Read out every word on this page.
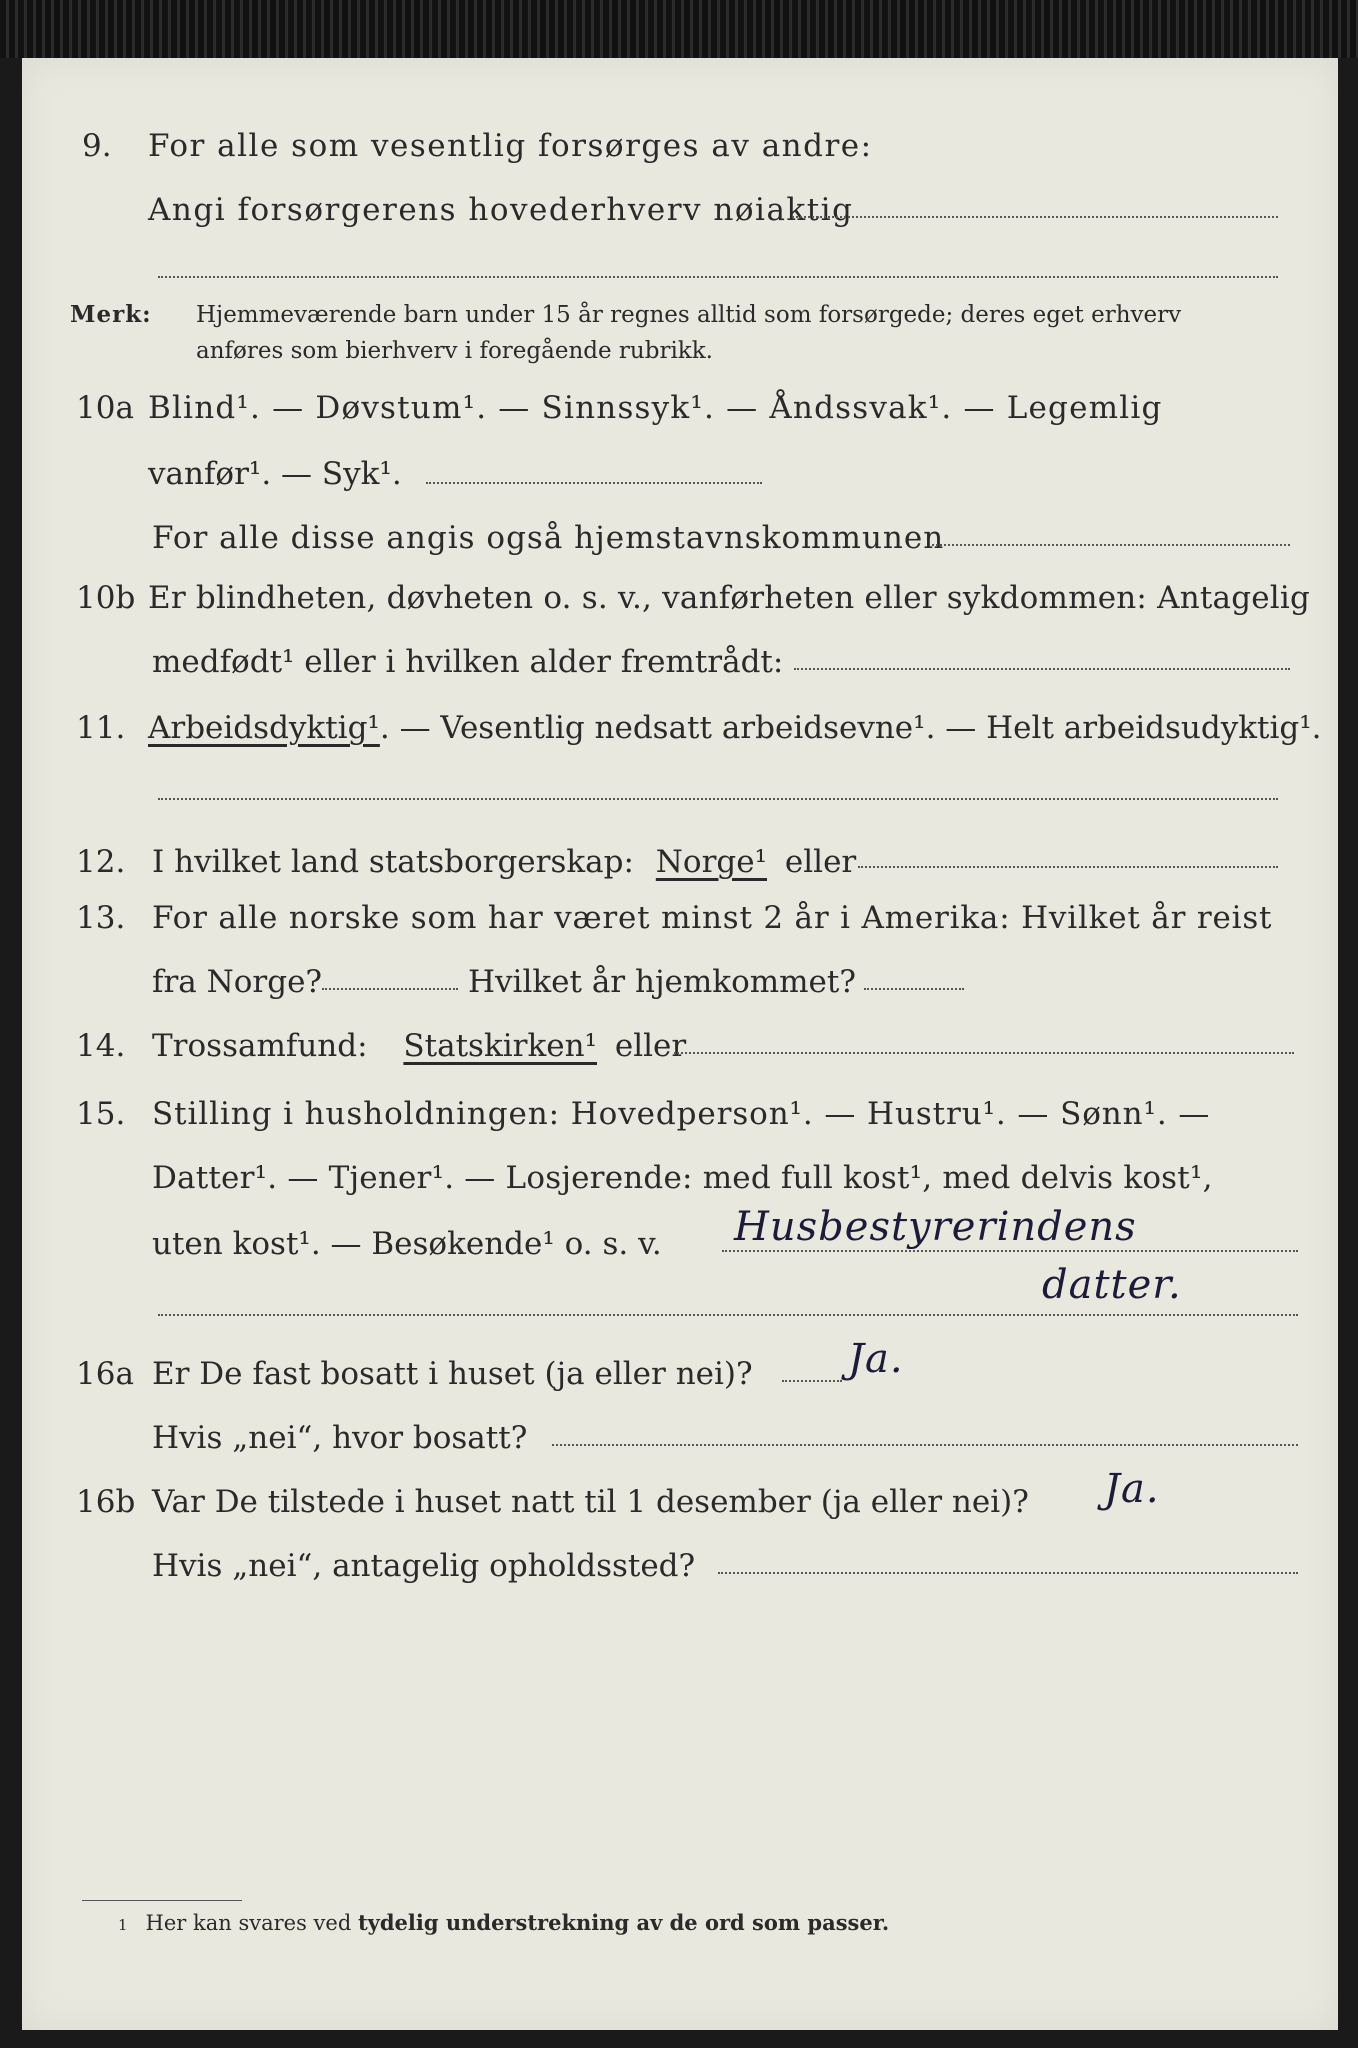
9. For alle som vesentlig forsørges av andre:
Angi forsørgerens hovederhverv nøiaktig
Merk: Hjemmeværende barn under 15 år regnes alltid som forsørgede; deres eget erhverv
anføres som bierhverv i foregående rubrikk.
10a Blind¹. — Døvstum¹. — Sinnssyk¹. — Åndssvak¹. — Legemlig
vanfør¹. — Syk¹.
For alle disse angis også hjemstavnskommunen
10b Er blindheten, døvheten o. s. v., vanførheten eller sykdommen: Antagelig
medfødt¹ eller i hvilken alder fremtrådt:
11. Arbeidsdyktig¹. — Vesentlig nedsatt arbeidsevne¹. — Helt arbeidsudyktig¹.
12. I hvilket land statsborgerskap: Norge¹ eller
13. For alle norske som har været minst 2 år i Amerika: Hvilket år reist
fra Norge?	Hvilket år hjemkommet?
14. Trossamfund: Statskirken¹ eller
15. Stilling i husholdningen: Hovedperson¹. — Hustru¹. — Sønn¹. —
Datter¹. — Tjener¹. — Losjerende: med full kost¹, med delvis kost¹,
uten kost¹. — Besøkende¹ o. s. v. Husbestyrerindens
datter.
16a Er De fast bosatt i huset (ja eller nei)? Ja.
Hvis „nei“, hvor bosatt?
16b Var De tilstede i huset natt til 1 desember (ja eller nei)? Ja.
Hvis „nei“, antagelig opholdssted?
1 Her kan svares ved tydelig understrekning av de ord som passer.
